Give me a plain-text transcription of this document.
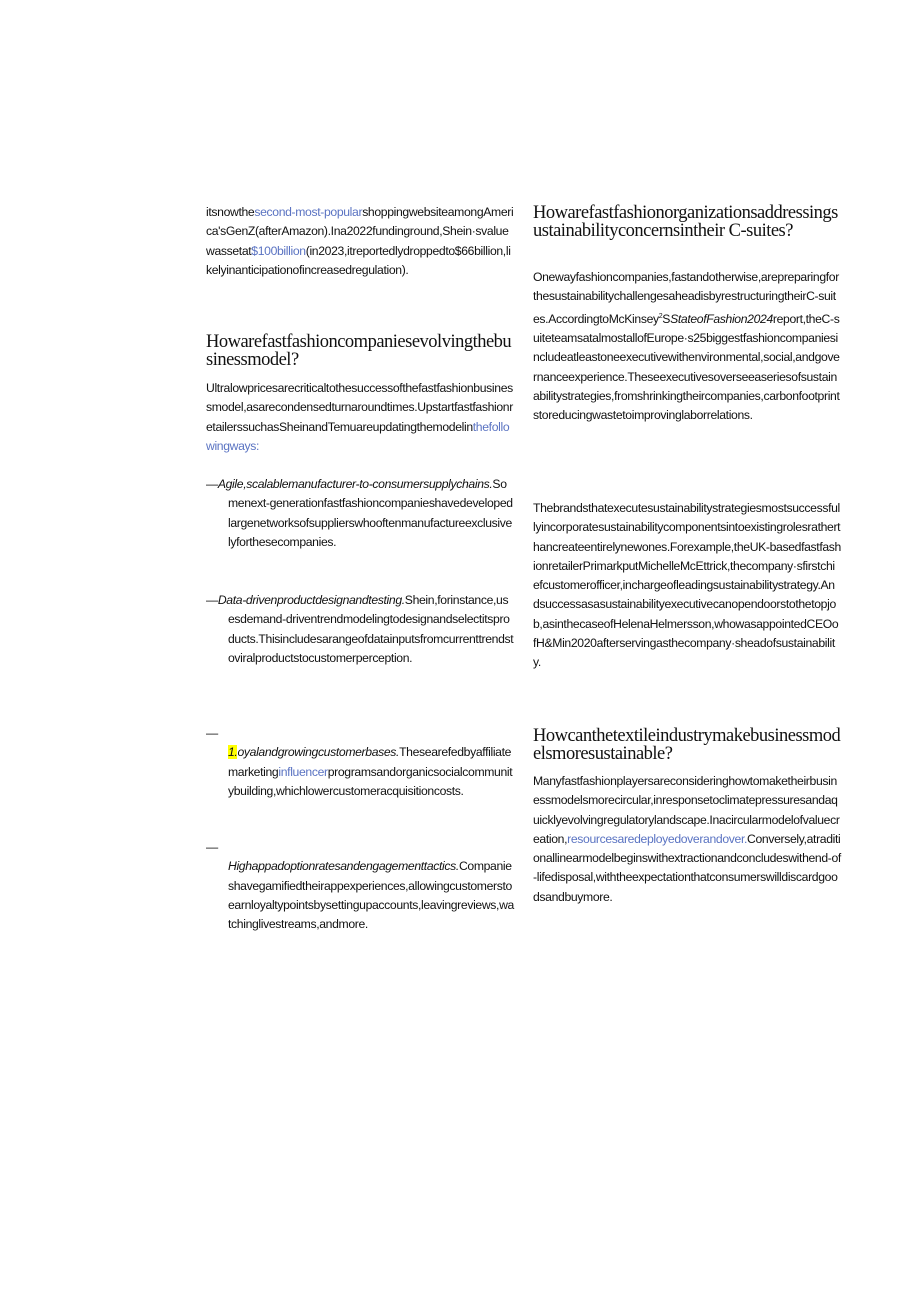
itsnowthesecond-most-popularshoppingwebsiteamongAmerica'sGenZ(afterAmazon).Ina2022fundinground,Shein·svaluewassetat$100billion(in2023,itreportedlydroppedto$66billion,likelyinanticipationofincreasedregulation).

Howarefastfashioncompaniesevolvingthebusinessmodel?

Ultralowpricesarecriticaltothesuccessofthefastfashionbusinessmodel,asarecondensedturnaroundtimes.UpstartfastfashionretailerssuchasSheinandTemuareupdatingthemodelinthefollowingways:

—Agile,scalablemanufacturer-to-consumersupplychains.Somenext-generationfastfashioncompanieshavedevelopedlargenetworksofsupplierswhooftenmanufactureexclusivelyforthesecompanies.

—Data-drivenproductdesignandtesting.Shein,forinstance,usesdemand-driventrendmodelingtodesignandselectitsproducts.Thisincludesarangeofdatainputsfromcurrenttrendstoviralproductstocustomerperception.

—
1.oyalandgrowingcustomerbases.Thesearefedbyaffiliatemarketinginfluencerprogramsandorganicsocialcommunitybuilding,whichlowercustomeracquisitioncosts.
—
Highappadoptionratesandengagementtactics.Companieshavegamifiedtheirappexperiences,allowingcustomerstoearnloyaltypointsbysettingupaccounts,leavingreviews,watchinglivestreams,andmore.
Howarefastfashionorganizationsaddressingsustainabilityconcernsintheir C-suites?

Onewayfashioncompanies,fastandotherwise,arepreparingforthesustainabilitychallengesaheadisbyrestructuringtheirC-suites.AccordingtoMcKinsey$^2$SStateofFashion2024report,theC-suiteteamsatalmostallofEurope·s25biggestfashioncompaniesincludeatleastoneexecutivewithenvironmental,social,andgovernanceexperience.Theseexecutivesoverseeaseriesofsustainabilitystrategies,fromshrinkingtheircompanies,carbonfootprintstoreducingwastetoimprovinglaborrelations.

Thebrandsthatexecutesustainabilitystrategiesmostsuccessfullyincorporatesustainabilitycomponentsintoexistingrolesratherthancreateentirelynewones.Forexample,theUK-basedfastfashionretailerPrimarkputMichelleMcEttrick,thecompany·sfirstchiefcustomerofficer,inchargeofleadingsustainabilitystrategy.Andsuccessasasustainabilityexecutivecanopendoorstothetopjob,asinthecaseofHelenaHelmersson,whowasappointedCEOofH&Min2020afterservingasthecompany·sheadofsustainability.

Howcanthetextileindustrymakebusinessmodelsmoresustainable?

Manyfastfashionplayersareconsideringhowtomaketheirbusinessmodelsmorecircular,inresponsetoclimatepressuresandaquicklyevolvingregulatorylandscape.Inacircularmodelofvaluecreation,resourcesaredeployedoverandover.Conversely,atraditionallinearmodelbeginswithextractionandconcludeswithend-of-lifedisposal,withtheexpectationthatconsumerswilldiscardgoodsandbuymore.
